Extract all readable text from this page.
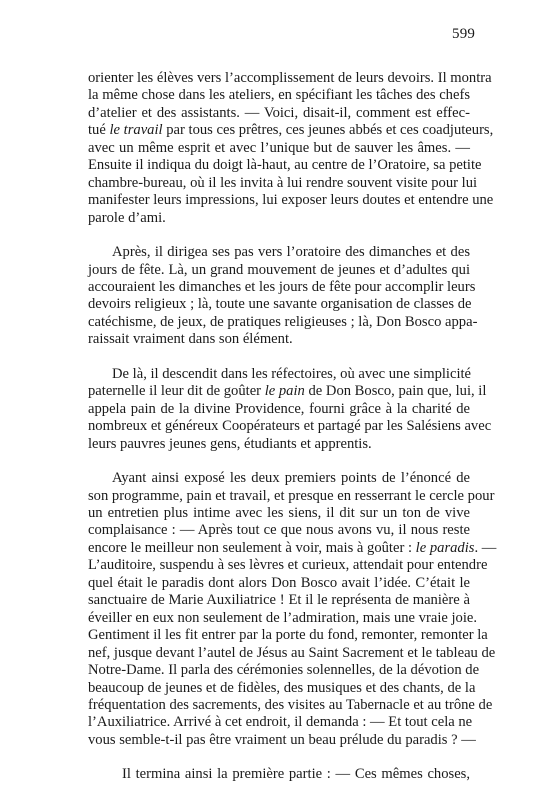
599

orienter les élèves vers l’accomplissement de leurs devoirs. Il montra
la même chose dans les ateliers, en spécifiant les tâches des chefs
d’atelier et des assistants. — Voici, disait-il, comment est effec-
tué le travail par tous ces prêtres, ces jeunes abbés et ces coadjuteurs,
avec un même esprit et avec l’unique but de sauver les âmes. —
Ensuite il indiqua du doigt là-haut, au centre de l’Oratoire, sa petite
chambre-bureau, où il les invita à lui rendre souvent visite pour lui
manifester leurs impressions, lui exposer leurs doutes et entendre une
parole d’ami.

Après, il dirigea ses pas vers l’oratoire des dimanches et des
jours de fête. Là, un grand mouvement de jeunes et d’adultes qui
accouraient les dimanches et les jours de fête pour accomplir leurs
devoirs religieux ; là, toute une savante organisation de classes de
catéchisme, de jeux, de pratiques religieuses ; là, Don Bosco appa-
raissait vraiment dans son élément.

De là, il descendit dans les réfectoires, où avec une simplicité
paternelle il leur dit de goûter le pain de Don Bosco, pain que, lui, il
appela pain de la divine Providence, fourni grâce à la charité de
nombreux et généreux Coopérateurs et partagé par les Salésiens avec
leurs pauvres jeunes gens, étudiants et apprentis.

Ayant ainsi exposé les deux premiers points de l’énoncé de
son programme, pain et travail, et presque en resserrant le cercle pour
un entretien plus intime avec les siens, il dit sur un ton de vive
complaisance : — Après tout ce que nous avons vu, il nous reste
encore le meilleur non seulement à voir, mais à goûter : le paradis. —
L’auditoire, suspendu à ses lèvres et curieux, attendait pour entendre
quel était le paradis dont alors Don Bosco avait l’idée. C’était le
sanctuaire de Marie Auxiliatrice ! Et il le représenta de manière à
éveiller en eux non seulement de l’admiration, mais une vraie joie.
Gentiment il les fit entrer par la porte du fond, remonter, remonter la
nef, jusque devant l’autel de Jésus au Saint Sacrement et le tableau de
Notre-Dame. Il parla des cérémonies solennelles, de la dévotion de
beaucoup de jeunes et de fidèles, des musiques et des chants, de la
fréquentation des sacrements, des visites au Tabernacle et au trône de
l’Auxiliatrice. Arrivé à cet endroit, il demanda : — Et tout cela ne
vous semble-t-il pas être vraiment un beau prélude du paradis ? —

Il termina ainsi la première partie : — Ces mêmes choses,
